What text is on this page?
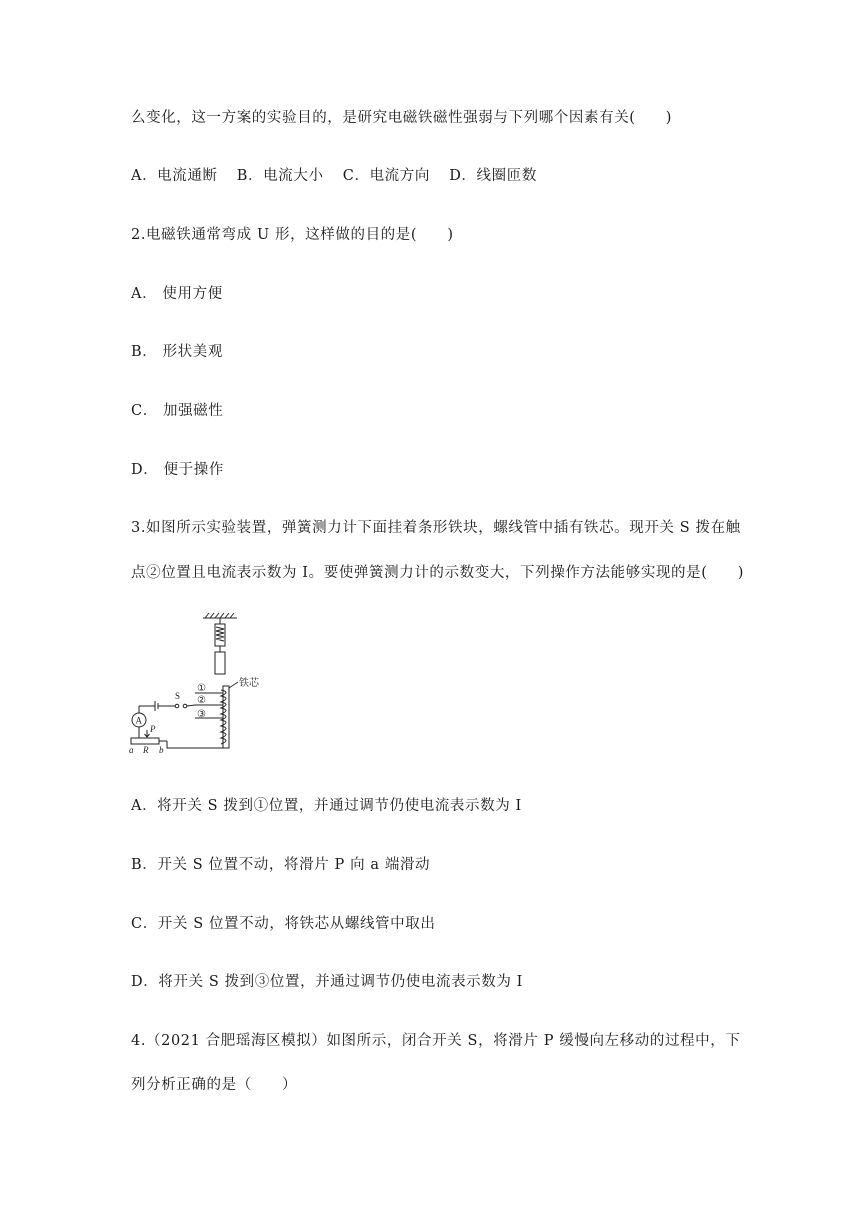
么变化，这一方案的实验目的，是研究电磁铁磁性强弱与下列哪个因素有关(　　)
A．电流通断 B．电流大小 C．电流方向 D．线圈匝数
2.电磁铁通常弯成 U 形，这样做的目的是(　　)
A． 使用方便
B． 形状美观
C． 加强磁性
D． 便于操作
3.如图所示实验装置，弹簧测力计下面挂着条形铁块，螺线管中插有铁芯。现开关 S 拨在触
点②位置且电流表示数为 I。要使弹簧测力计的示数变大，下列操作方法能够实现的是(　　)
铁芯
①
②
③
S
A
P
a R b
A．将开关 S 拨到①位置，并通过调节仍使电流表示数为 I
B．开关 S 位置不动，将滑片 P 向 a 端滑动
C．开关 S 位置不动，将铁芯从螺线管中取出
D．将开关 S 拨到③位置，并通过调节仍使电流表示数为 I
4.（2021 合肥瑶海区模拟）如图所示，闭合开关 S，将滑片 P 缓慢向左移动的过程中，下
列分析正确的是（　　）
